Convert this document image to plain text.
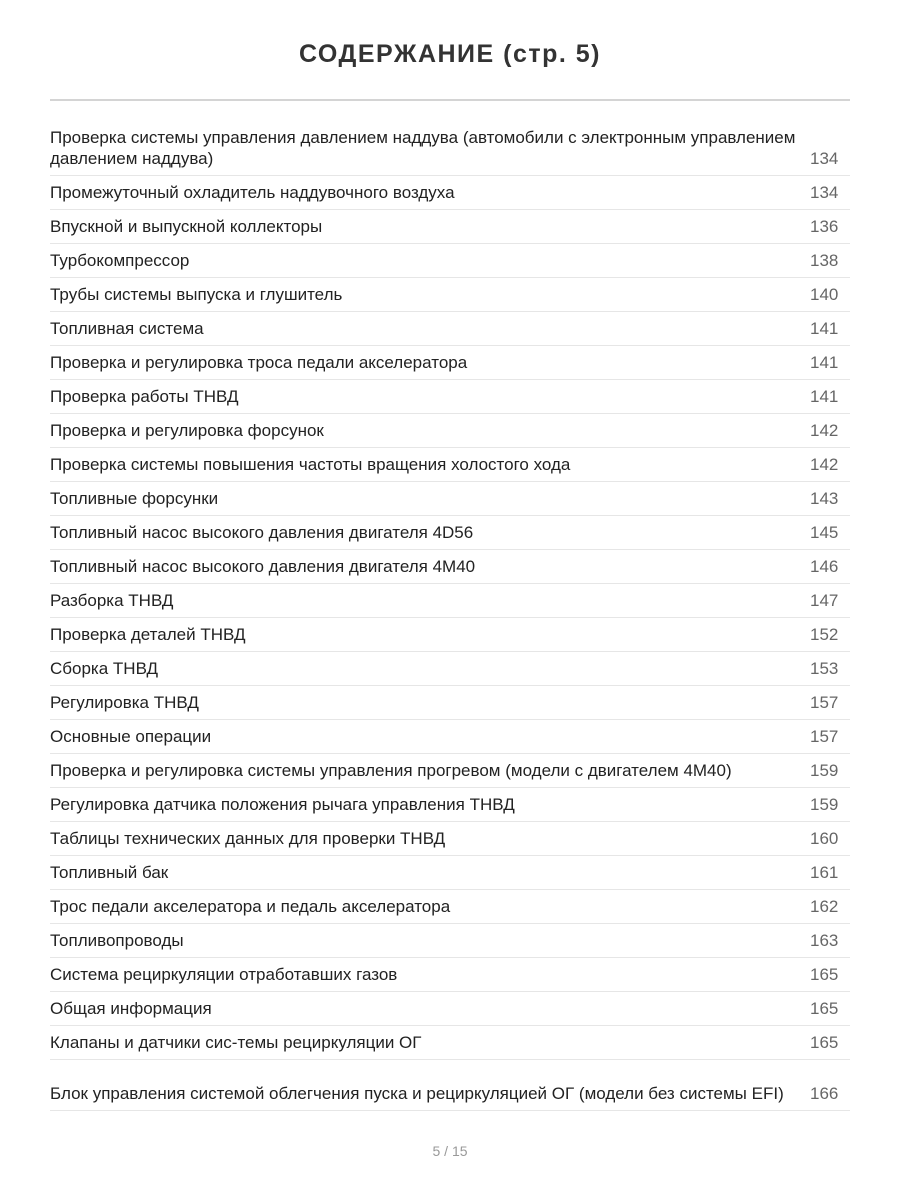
СОДЕРЖАНИЕ (стр. 5)
Проверка системы управления давлением наддува (автомобили с электронным управлением давлением наддува)	134
Промежуточный охладитель наддувочного воздуха	134
Впускной и выпускной коллекторы	136
Турбокомпрессор	138
Трубы системы выпуска и глушитель	140
Топливная система	141
Проверка и регулировка троса педали акселератора	141
Проверка работы ТНВД	141
Проверка и регулировка форсунок	142
Проверка системы повышения частоты вращения холостого хода	142
Топливные форсунки	143
Топливный насос высокого давления двигателя 4D56	145
Топливный насос высокого давления двигателя 4М40	146
Разборка ТНВД	147
Проверка деталей ТНВД	152
Сборка ТНВД	153
Регулировка ТНВД	157
Основные операции	157
Проверка и регулировка системы управления прогревом (модели с двигателем 4М40)	159
Регулировка датчика положения рычага управления ТНВД	159
Таблицы технических данных для проверки ТНВД	160
Топливный бак	161
Трос педали акселератора и педаль акселератора	162
Топливопроводы	163
Система рециркуляции отработавших газов	165
Общая информация	165
Клапаны и датчики сис-темы рециркуляции ОГ	165
Блок управления системой облегчения пуска и рециркуляцией ОГ (модели без системы EFI) 166
5 / 15
